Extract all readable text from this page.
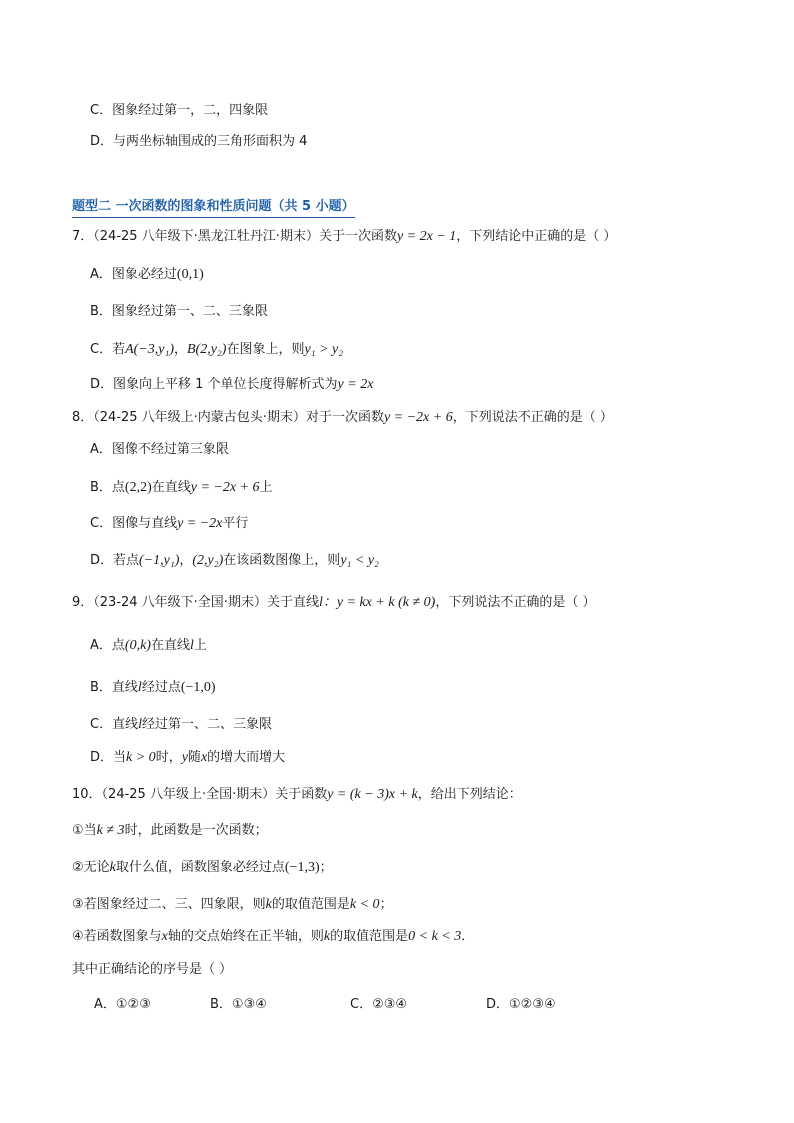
C．图象经过第一，二，四象限
D．与两坐标轴围成的三角形面积为 4
题型二 一次函数的图象和性质问题（共 5 小题）
7．（24-25 八年级下·黑龙江牡丹江·期末）关于一次函数y = 2x − 1，下列结论中正确的是（ ）
A．图象必经过(0,1)
B．图象经过第一、二、三象限
C．若A(−3,y₁)，B(2,y₂)在图象上，则y₁ > y₂
D．图象向上平移 1 个单位长度得解析式为y = 2x
8．（24-25 八年级上·内蒙古包头·期末）对于一次函数y = −2x + 6，下列说法不正确的是（ ）
A．图像不经过第三象限
B．点(2,2)在直线y = −2x + 6上
C．图像与直线y = −2x平行
D．若点(−1,y₁)，(2,y₂)在该函数图像上，则y₁ < y₂
9．（23-24 八年级下·全国·期末）关于直线l：y = kx + k (k ≠ 0)，下列说法不正确的是（ ）
A．点(0,k)在直线l上
B．直线l经过点(−1,0)
C．直线l经过第一、二、三象限
D．当k > 0时，y随x的增大而增大
10．（24-25 八年级上·全国·期末）关于函数y = (k − 3)x + k，给出下列结论：
①当k ≠ 3时，此函数是一次函数；
②无论k取什么值，函数图象必经过点(−1,3)；
③若图象经过二、三、四象限，则k的取值范围是k < 0；
④若函数图象与x轴的交点始终在正半轴，则k的取值范围是0 < k < 3．
其中正确结论的序号是（ ）
A．①②③	B．①③④	C．②③④	D．①②③④
